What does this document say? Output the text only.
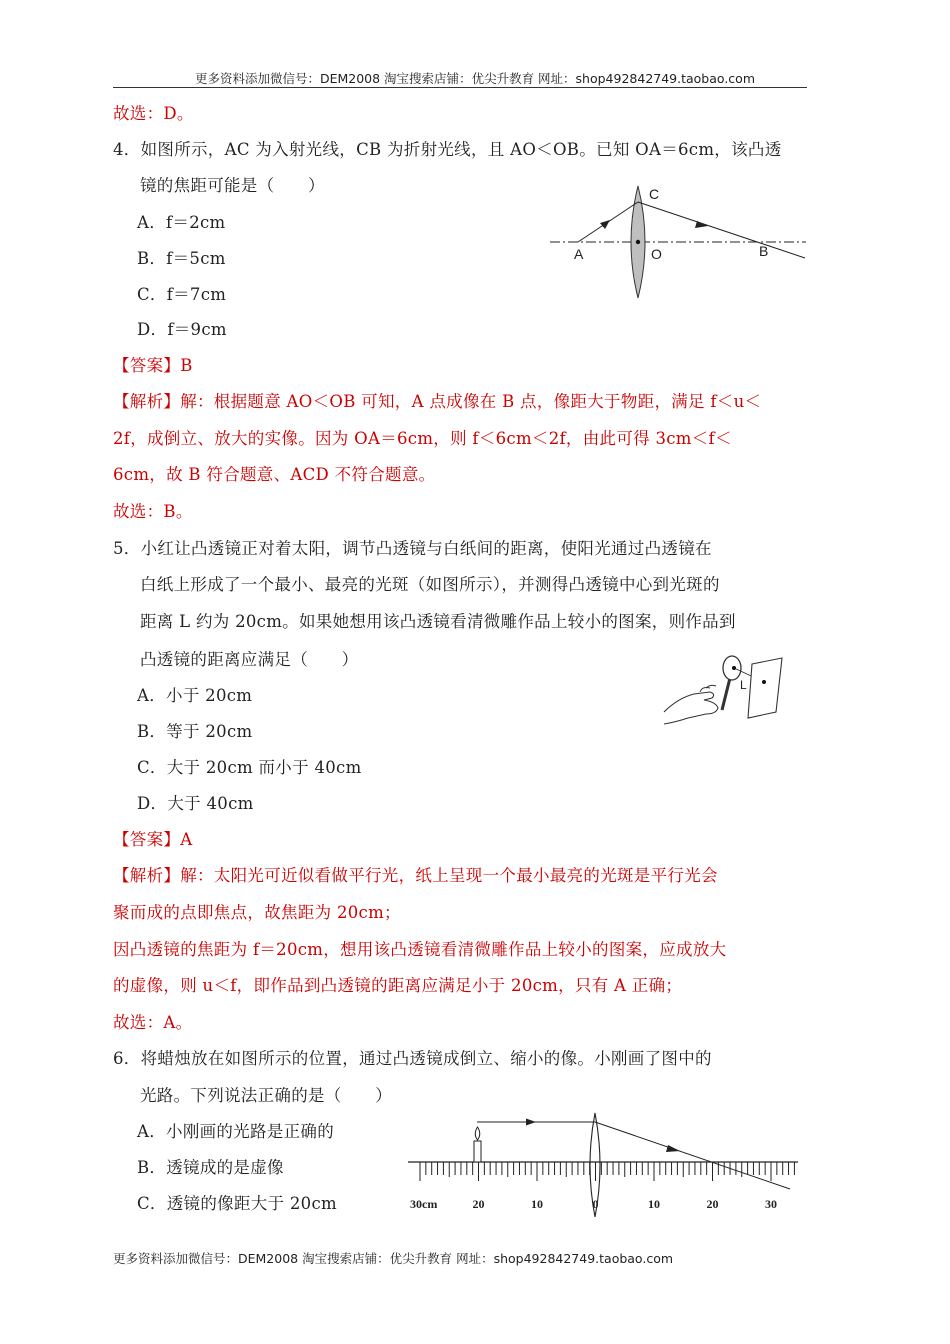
更多资料添加微信号：DEM2008 淘宝搜索店铺：优尖升教育 网址：shop492842749.taobao.com
故选：D。
4．如图所示，AC 为入射光线，CB 为折射光线，且 AO＜OB。已知 OA＝6cm，该凸透
镜的焦距可能是（　　）
A．f＝2cm
B．f＝5cm
C．f＝7cm
D．f＝9cm
A
C
O	B
【答案】B
【解析】解：根据题意 AO＜OB 可知，A 点成像在 B 点，像距大于物距，满足 f＜u＜
2f，成倒立、放大的实像。因为 OA＝6cm，则 f＜6cm＜2f，由此可得 3cm＜f＜
6cm，故 B 符合题意、ACD 不符合题意。
故选：B。
5．小红让凸透镜正对着太阳，调节凸透镜与白纸间的距离，使阳光通过凸透镜在
白纸上形成了一个最小、最亮的光斑（如图所示），并测得凸透镜中心到光斑的
距离 L 约为 20cm。如果她想用该凸透镜看清微雕作品上较小的图案，则作品到
凸透镜的距离应满足（　　）
A．小于 20cm
B．等于 20cm
C．大于 20cm 而小于 40cm
D．大于 40cm
L
【答案】A
【解析】解：太阳光可近似看做平行光，纸上呈现一个最小最亮的光斑是平行光会
聚而成的点即焦点，故焦距为 20cm；
因凸透镜的焦距为 f＝20cm，想用该凸透镜看清微雕作品上较小的图案，应成放大
的虚像，则 u＜f，即作品到凸透镜的距离应满足小于 20cm，只有 A 正确；
故选：A。
6．将蜡烛放在如图所示的位置，通过凸透镜成倒立、缩小的像。小刚画了图中的
光路。下列说法正确的是（　　）
A．小刚画的光路是正确的
B．透镜成的是虚像
C．透镜的像距大于 20cm	30cm	20	10	0	10	20	30
更多资料添加微信号：DEM2008 淘宝搜索店铺：优尖升教育 网址：shop492842749.taobao.com
